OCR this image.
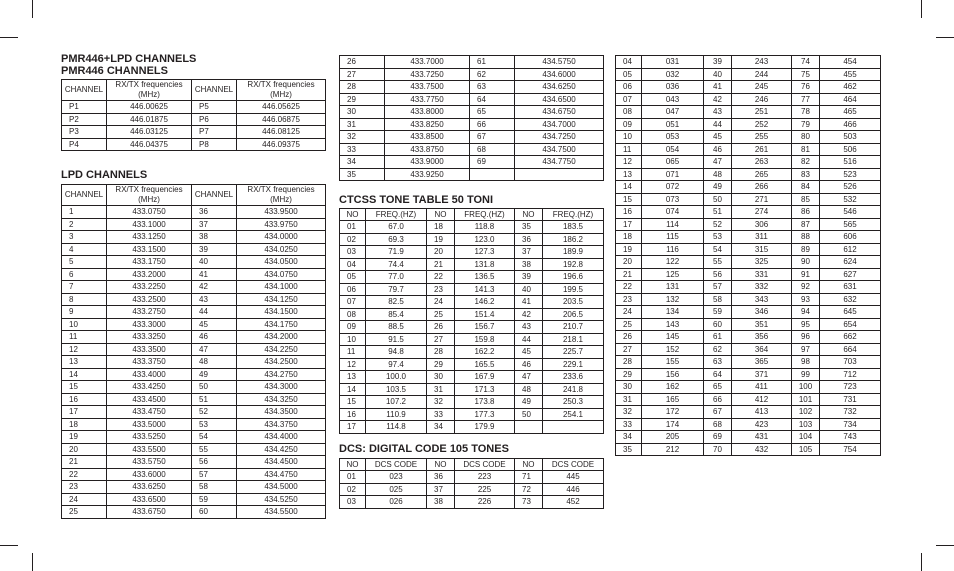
PMR446+LPD CHANNELS
PMR446 CHANNELS
LPD CHANNELS
CTCSS TONE TABLE 50 TONI
DCS: DIGITAL CODE 105 TONES
CHANNEL	RX/TX frequencies (MHz)	CHANNEL	RX/TX frequencies (MHz)
P1	446.00625	P5	446.05625
P2	446.01875	P6	446.06875
P3	446.03125	P7	446.08125
P4	446.04375	P8	446.09375
CHANNEL	RX/TX frequencies (MHz)	CHANNEL	RX/TX frequencies (MHz)
1	433.0750	36	433.9500
2	433.1000	37	433.9750
3	433.1250	38	434.0000
4	433.1500	39	434.0250
5	433.1750	40	434.0500
6	433.2000	41	434.0750
7	433.2250	42	434.1000
8	433.2500	43	434.1250
9	433.2750	44	434.1500
10	433.3000	45	434.1750
11	433.3250	46	434.2000
12	433.3500	47	434.2250
13	433.3750	48	434.2500
14	433.4000	49	434.2750
15	433.4250	50	434.3000
16	433.4500	51	434.3250
17	433.4750	52	434.3500
18	433.5000	53	434.3750
19	433.5250	54	434.4000
20	433.5500	55	434.4250
21	433.5750	56	434.4500
22	433.6000	57	434.4750
23	433.6250	58	434.5000
24	433.6500	59	434.5250
25	433.6750	60	434.5500
26	433.7000	61	434.5750
27	433.7250	62	434.6000
28	433.7500	63	434.6250
29	433.7750	64	434.6500
30	433.8000	65	434.6750
31	433.8250	66	434.7000
32	433.8500	67	434.7250
33	433.8750	68	434.7500
34	433.9000	69	434.7750
35	433.9250		
NO	FREQ.(HZ)	NO	FREQ.(HZ)	NO	FREQ.(HZ)
01	67.0	18	118.8	35	183.5
02	69.3	19	123.0	36	186.2
03	71.9	20	127.3	37	189.9
04	74.4	21	131.8	38	192.8
05	77.0	22	136.5	39	196.6
06	79.7	23	141.3	40	199.5
07	82.5	24	146.2	41	203.5
08	85.4	25	151.4	42	206.5
09	88.5	26	156.7	43	210.7
10	91.5	27	159.8	44	218.1
11	94.8	28	162.2	45	225.7
12	97.4	29	165.5	46	229.1
13	100.0	30	167.9	47	233.6
14	103.5	31	171.3	48	241.8
15	107.2	32	173.8	49	250.3
16	110.9	33	177.3	50	254.1
17	114.8	34	179.9		
NO	DCS CODE	NO	DCS CODE	NO	DCS CODE
01	023	36	223	71	445
02	025	37	225	72	446
03	026	38	226	73	452
04	031	39	243	74	454
05	032	40	244	75	455
06	036	41	245	76	462
07	043	42	246	77	464
08	047	43	251	78	465
09	051	44	252	79	466
10	053	45	255	80	503
11	054	46	261	81	506
12	065	47	263	82	516
13	071	48	265	83	523
14	072	49	266	84	526
15	073	50	271	85	532
16	074	51	274	86	546
17	114	52	306	87	565
18	115	53	311	88	606
19	116	54	315	89	612
20	122	55	325	90	624
21	125	56	331	91	627
22	131	57	332	92	631
23	132	58	343	93	632
24	134	59	346	94	645
25	143	60	351	95	654
26	145	61	356	96	662
27	152	62	364	97	664
28	155	63	365	98	703
29	156	64	371	99	712
30	162	65	411	100	723
31	165	66	412	101	731
32	172	67	413	102	732
33	174	68	423	103	734
34	205	69	431	104	743
35	212	70	432	105	754
